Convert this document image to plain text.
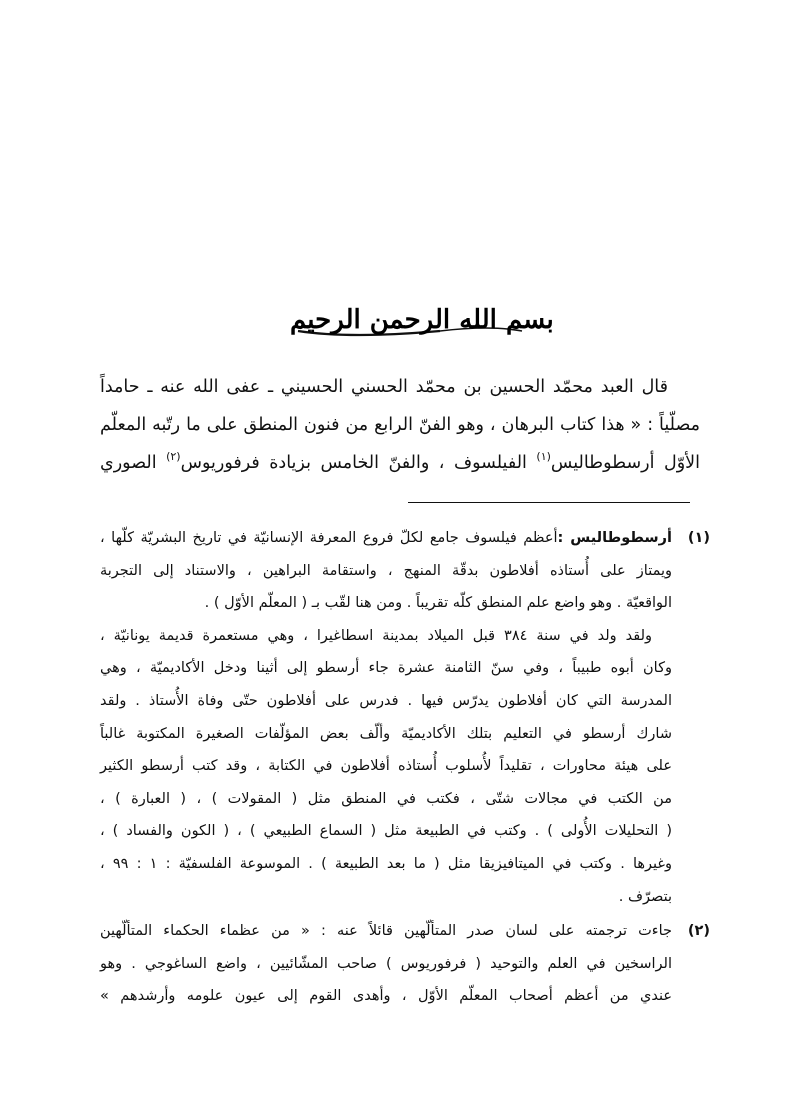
بسم الله الرحمن الرحيم
قال العبد محمّد الحسين بن محمّد الحسني الحسيني ـ عفى الله عنه ـ حامداً
مصلّياً : « هذا كتاب البرهان ، وهو الفنّ الرابع من فنون المنطق على ما رتّبه المعلّم
الأوّل أرسطوطاليس$^{(١)}$ الفيلسوف ، والفنّ الخامس بزيادة فرفوريوس$^{(٢)}$ الصوري
(١)
أرسطوطاليس :أعظم فيلسوف جامع لكلّ فروع المعرفة الإنسانيّة في تاريخ البشريّة كلّها ،
ويمتاز على أُستاذه أفلاطون بدقّة المنهج ، واستقامة البراهين ، والاستناد إلى التجربة
الواقعيّة . وهو واضع علم المنطق كلّه تقريباً . ومن هنا لقّب بـ ( المعلّم الأوّل ) .
ولقد ولد في سنة ٣٨٤ قبل الميلاد بمدينة اسطاغيرا ، وهي مستعمرة قديمة يونانيّة ،
وكان أبوه طبيباً ، وفي سنّ الثامنة عشرة جاء أرسطو إلى أثينا ودخل الأكاديميّة ، وهي
المدرسة التي كان أفلاطون يدرّس فيها . فدرس على أفلاطون حتّى وفاة الأُستاذ . ولقد
شارك أرسطو في التعليم بتلك الأكاديميّة وألّف بعض المؤلّفات الصغيرة المكتوبة غالباً
على هيئة محاورات ، تقليداً لأُسلوب أُستاذه أفلاطون في الكتابة ، وقد كتب أرسطو الكثير
من الكتب في مجالات شتّى ، فكتب في المنطق مثل ( المقولات ) ، ( العبارة ) ،
( التحليلات الأُولى ) . وكتب في الطبيعة مثل ( السماع الطبيعي ) ، ( الكون والفساد ) ،
وغيرها . وكتب في الميتافيزيقا مثل ( ما بعد الطبيعة ) . الموسوعة الفلسفيّة : ١ : ٩٩ ،
بتصرّف .
(٢)
جاءت ترجمته على لسان صدر المتألّهين قائلاً عنه : « من عظماء الحكماء المتألّهين
الراسخين في العلم والتوحيد ( فرفوريوس ) صاحب المشّائيين ، واضع الساغوجي . وهو
عندي من أعظم أصحاب المعلّم الأوّل ، وأهدى القوم إلى عيون علومه وأرشدهم »
